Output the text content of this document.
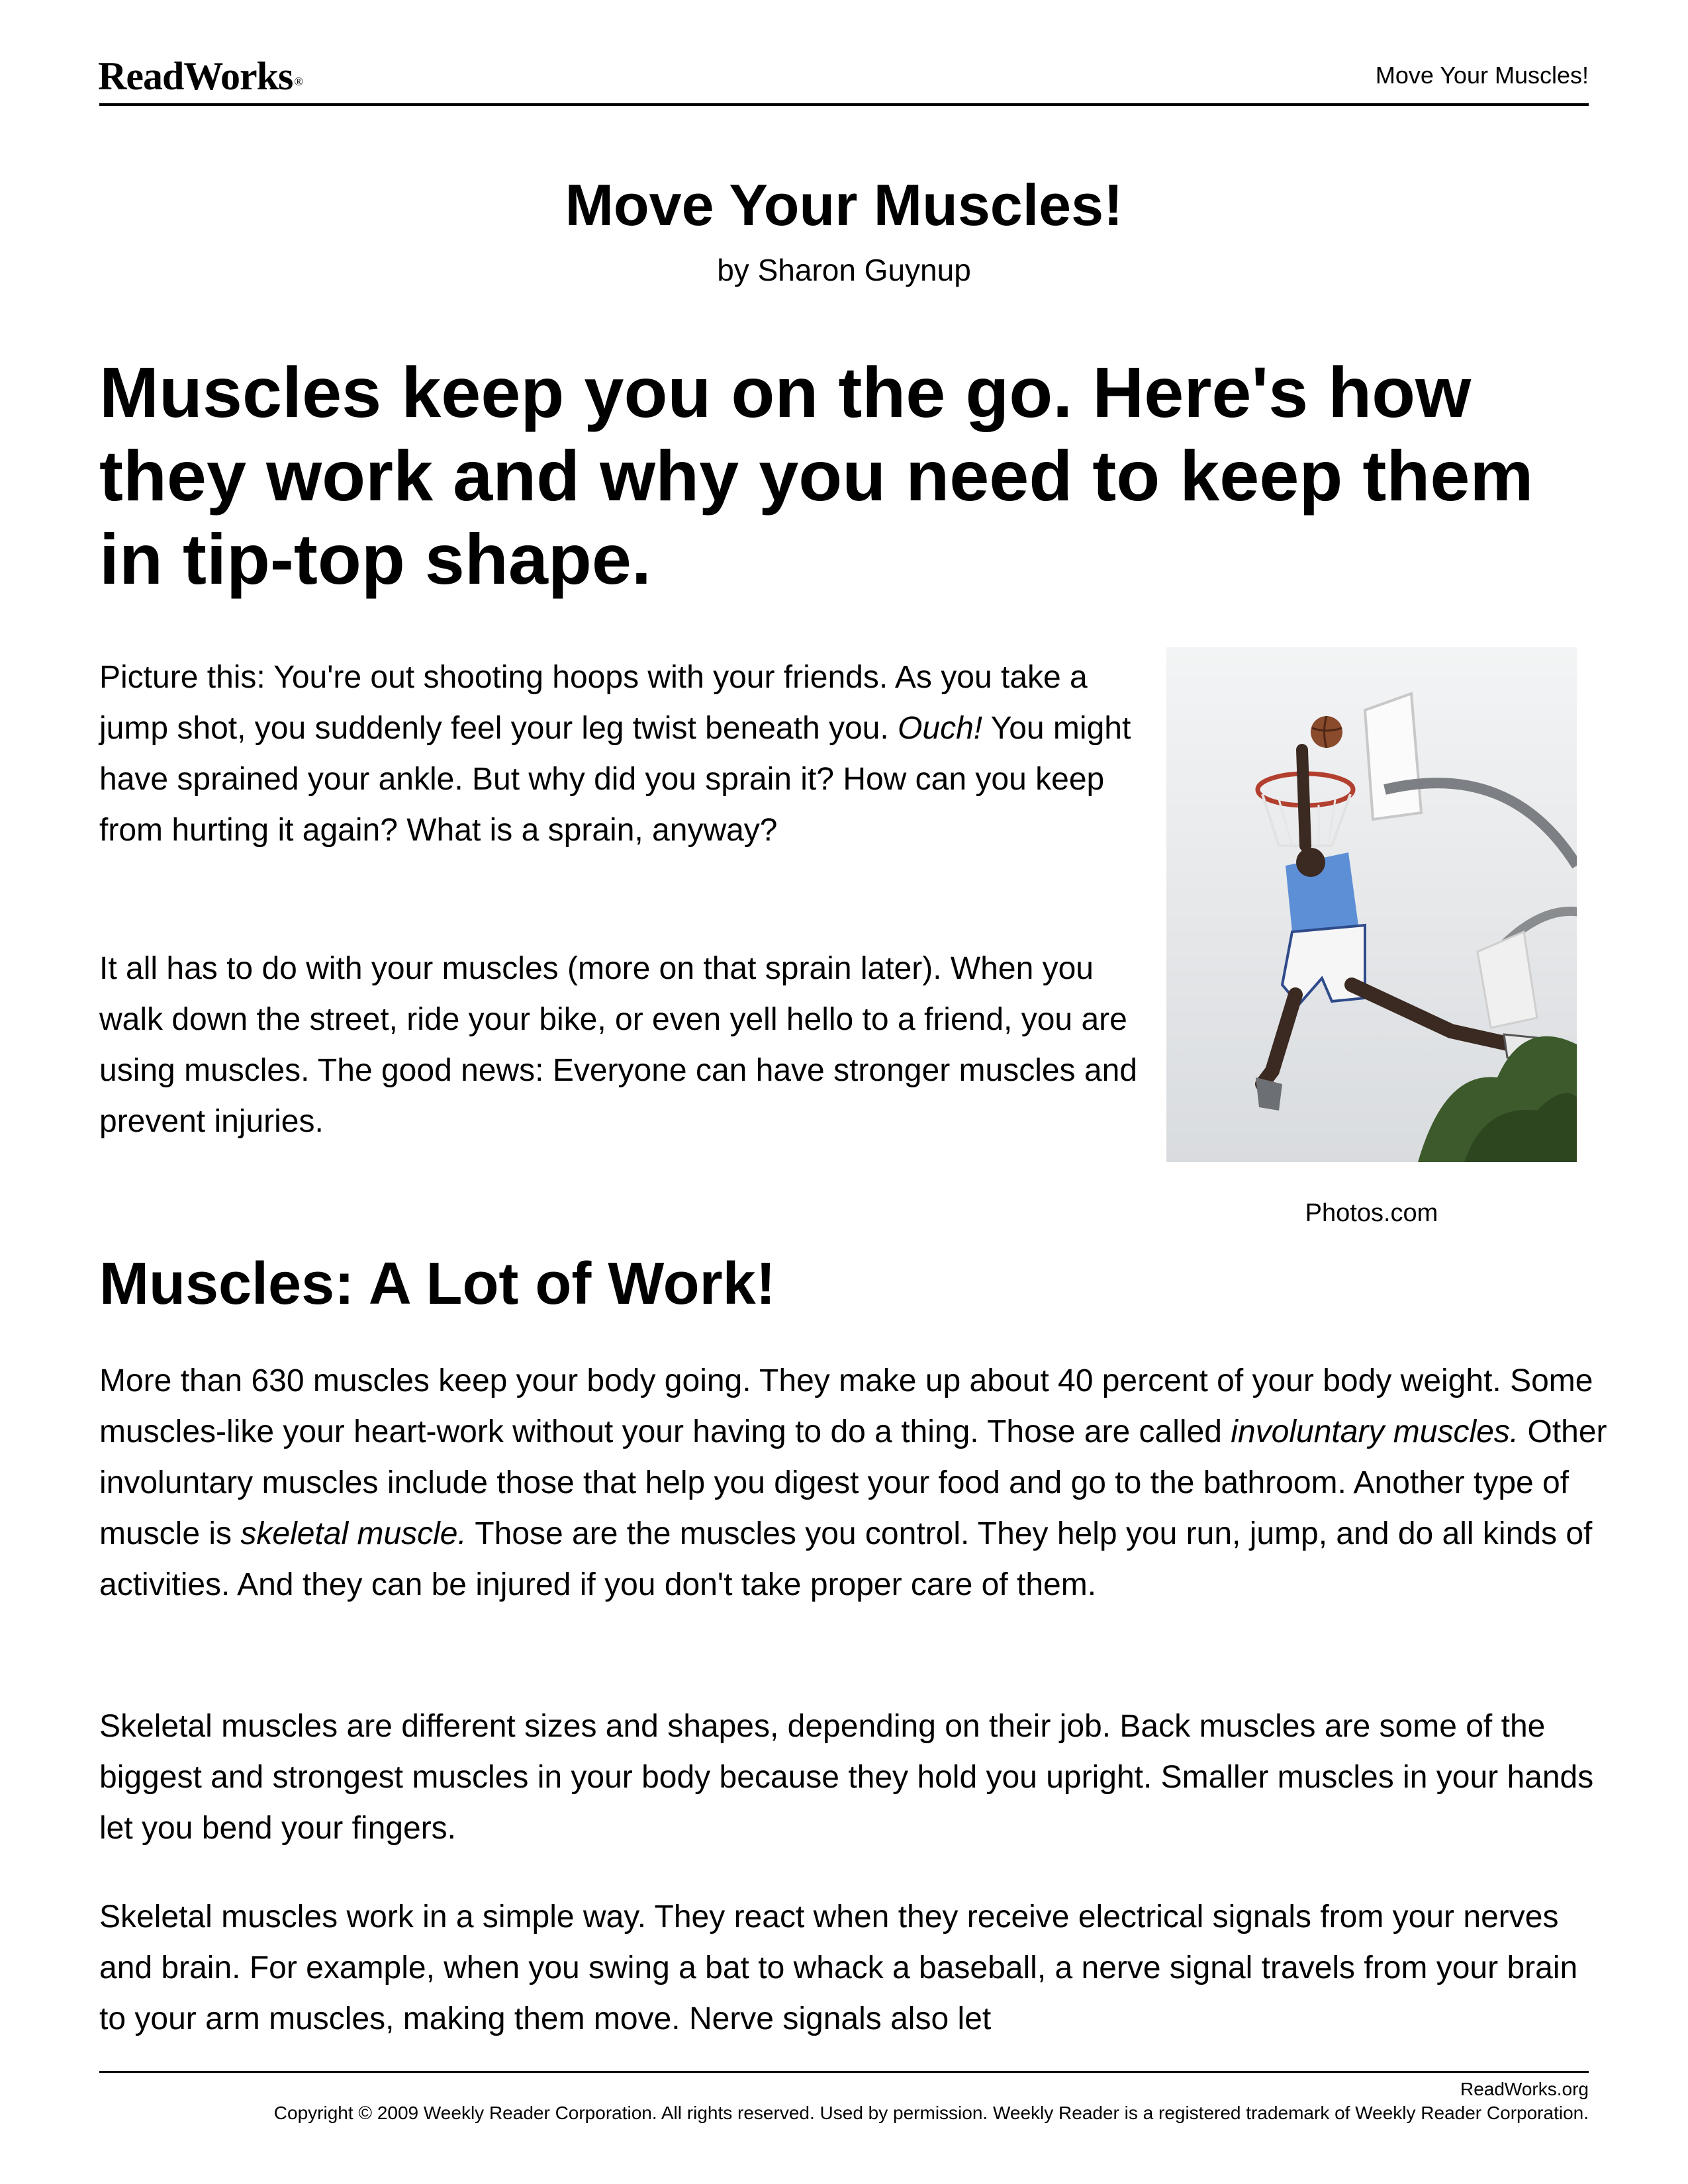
ReadWorks ®	Move Your Muscles!
Move Your Muscles!
by Sharon Guynup
Muscles keep you on the go. Here's how they work and why you need to keep them in tip-top shape.

Picture this: You're out shooting hoops with your friends. As you take a jump shot, you suddenly feel your leg twist beneath you. Ouch! You might have sprained your ankle. But why did you sprain it? How can you keep from hurting it again? What is a sprain, anyway?

It all has to do with your muscles (more on that sprain later). When you walk down the street, ride your bike, or even yell hello to a friend, you are using muscles. The good news: Everyone can have stronger muscles and prevent injuries.

Photos.com
Muscles: A Lot of Work!

More than 630 muscles keep your body going. They make up about 40 percent of your body weight. Some muscles-like your heart-work without your having to do a thing. Those are called involuntary muscles. Other involuntary muscles include those that help you digest your food and go to the bathroom. Another type of muscle is skeletal muscle. Those are the muscles you control. They help you run, jump, and do all kinds of activities. And they can be injured if you don't take proper care of them.

Skeletal muscles are different sizes and shapes, depending on their job. Back muscles are some of the biggest and strongest muscles in your body because they hold you upright. Smaller muscles in your hands let you bend your fingers.

Skeletal muscles work in a simple way. They react when they receive electrical signals from your nerves and brain. For example, when you swing a bat to whack a baseball, a nerve signal travels from your brain to your arm muscles, making them move. Nerve signals also let

ReadWorks.org
Copyright © 2009 Weekly Reader Corporation. All rights reserved. Used by permission. Weekly Reader is a registered trademark of Weekly Reader Corporation.
